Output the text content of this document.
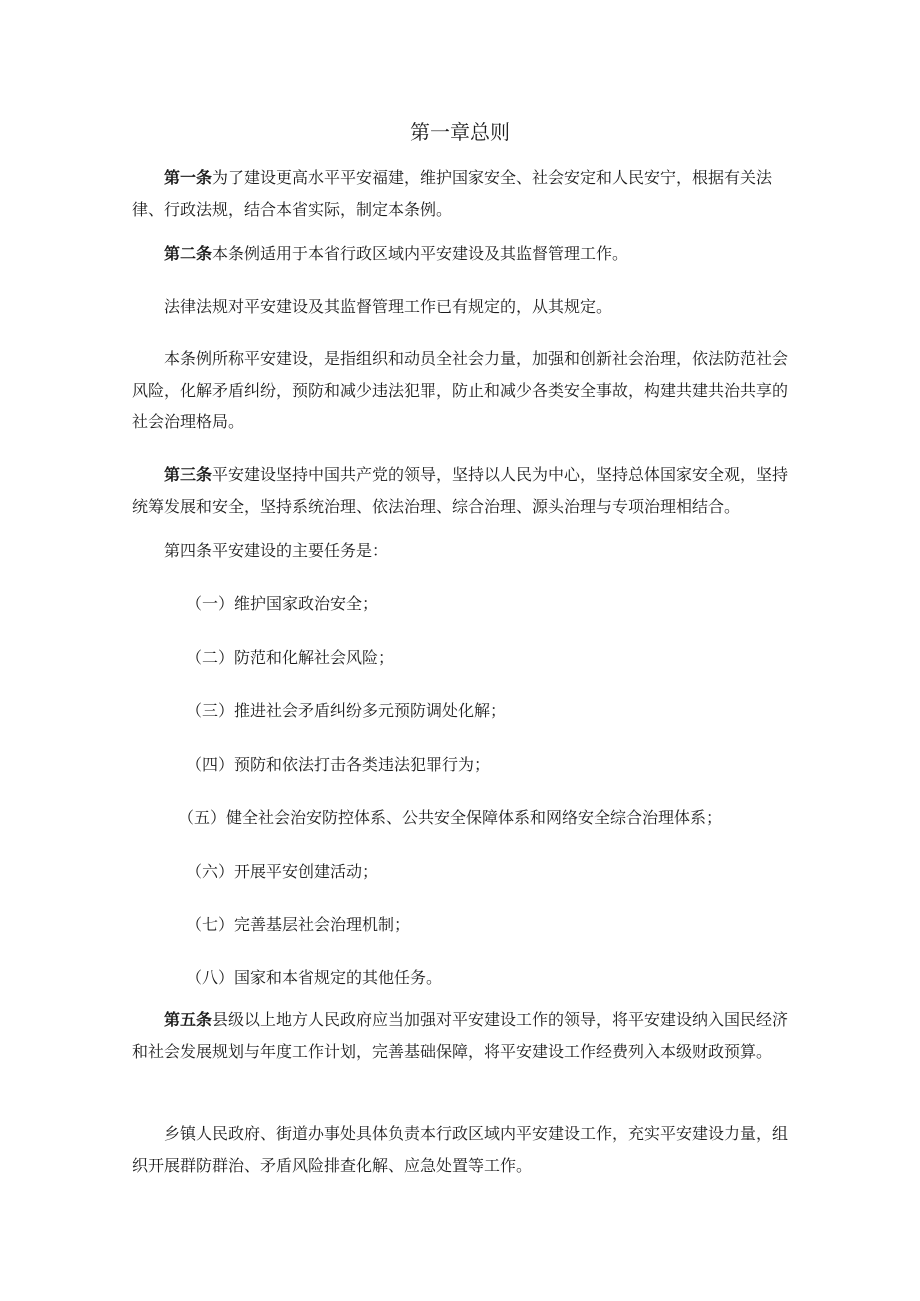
第一章总则

第一条为了建设更高水平平安福建，维护国家安全、社会安定和人民安宁，根据有关法律、行政法规，结合本省实际，制定本条例。

第二条本条例适用于本省行政区域内平安建设及其监督管理工作。

法律法规对平安建设及其监督管理工作已有规定的，从其规定。

本条例所称平安建设，是指组织和动员全社会力量，加强和创新社会治理，依法防范社会风险，化解矛盾纠纷，预防和减少违法犯罪，防止和减少各类安全事故，构建共建共治共享的社会治理格局。

第三条平安建设坚持中国共产党的领导，坚持以人民为中心，坚持总体国家安全观，坚持统筹发展和安全，坚持系统治理、依法治理、综合治理、源头治理与专项治理相结合。

第四条平安建设的主要任务是：

（一）维护国家政治安全；

（二）防范和化解社会风险；

（三）推进社会矛盾纠纷多元预防调处化解；

（四）预防和依法打击各类违法犯罪行为；

（五）健全社会治安防控体系、公共安全保障体系和网络安全综合治理体系；

（六）开展平安创建活动；

（七）完善基层社会治理机制；

（八）国家和本省规定的其他任务。

第五条县级以上地方人民政府应当加强对平安建设工作的领导，将平安建设纳入国民经济和社会发展规划与年度工作计划，完善基础保障，将平安建设工作经费列入本级财政预算。

乡镇人民政府、街道办事处具体负责本行政区域内平安建设工作，充实平安建设力量，组织开展群防群治、矛盾风险排查化解、应急处置等工作。
